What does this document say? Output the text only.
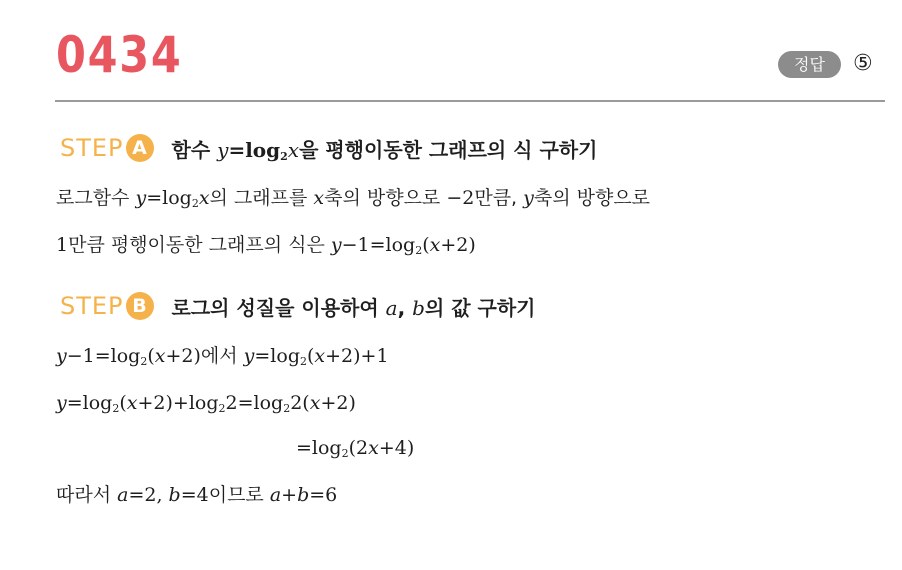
0434	정답	⑤
STEP A	함수 $y=\log_2x$을 평행이동한 그래프의 식 구하기
로그함수 $y=\log_2x$의 그래프를 x축의 방향으로 −2만큼, y축의 방향으로
1만큼 평행이동한 그래프의 식은 $y-1=\log_2(x+2)$
STEP B	로그의 성질을 이용하여 a, b의 값 구하기
$y-1=\log_2(x+2)$에서 $y=\log_2(x+2)+1$
$y=\log_2(x+2)+\log_22=\log_22(x+2)$
$=\log_2(2x+4)$
따라서 a=2, b=4이므로 a+b=6
